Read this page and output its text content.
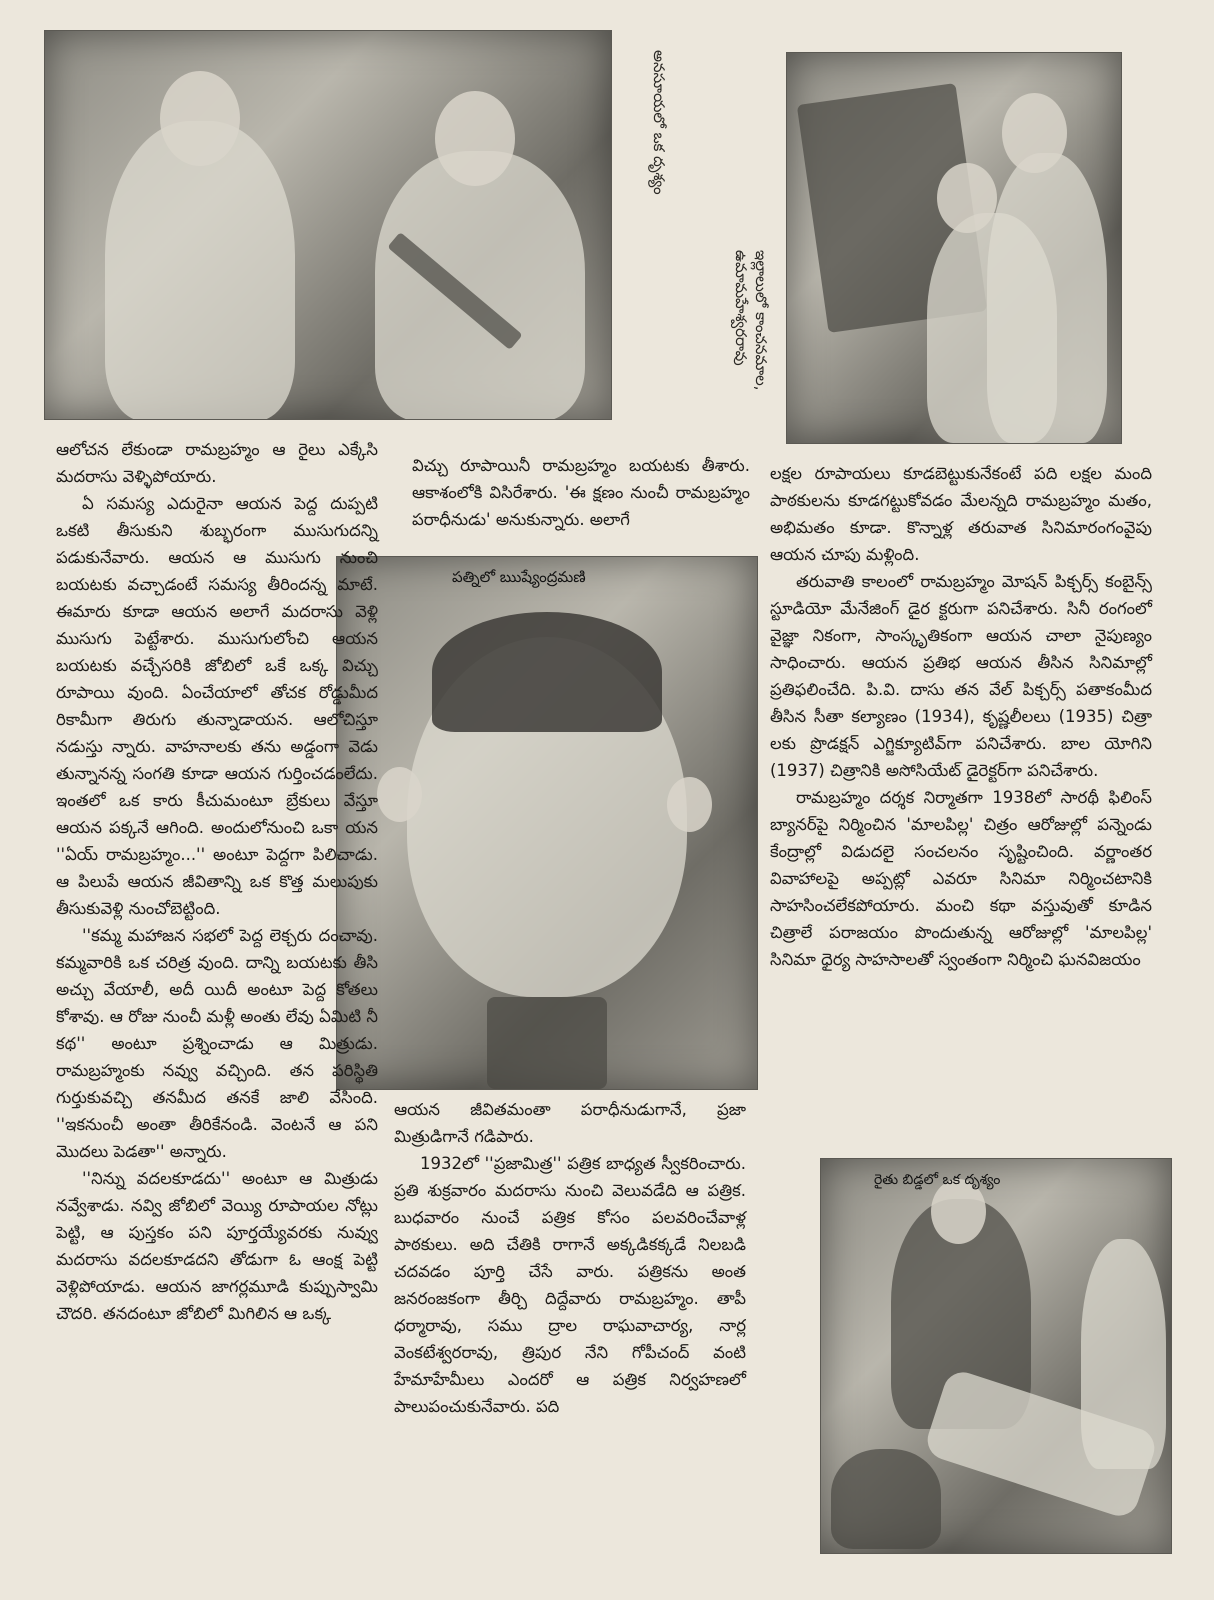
అనసూయలో ఒక దృశ్యం
ఇల్లాలులో కాంచనమాల,
ఉమామహేశ్వరరావు
పత్నిలో ఋష్యేంద్రమణి
రైతు బిడ్డలో ఒక దృశ్యం

ఆలోచన లేకుండా రామబ్రహ్మం ఆ రైలు ఎక్కేసి మదరాసు వెళ్ళిపోయారు.

ఏ సమస్య ఎదురైనా ఆయన పెద్ద దుప్పటి ఒకటి తీసుకుని శుబ్భరంగా ముసుగుదన్ని పడుకునేవారు. ఆయన ఆ ముసుగు నుంచి బయటకు వచ్చాడంటే సమస్య తీరిందన్న మాటే. ఈమారు కూడా ఆయన అలాగే మదరాసు వెళ్లి ముసుగు పెట్టేశారు. ముసుగులోంచి ఆయన బయటకు వచ్చేసరికి జోబిలో ఒకే ఒక్క విచ్చు రూపాయి వుంది. ఏంచేయాలో తోచక రోడ్డుమీద రికామీగా తిరుగు తున్నాడాయన. ఆలోచిస్తూ నడుస్తు న్నారు. వాహనాలకు తను అడ్డంగా వెడు తున్నానన్న సంగతి కూడా ఆయన గుర్తించడంలేదు. ఇంతలో ఒక కారు కీచుమంటూ బ్రేకులు వేస్తూ ఆయన పక్కనే ఆగింది. అందులోనుంచి ఒకా యన ''ఏయ్ రామబ్రహ్మం...'' అంటూ పెద్దగా పిలిచాడు. ఆ పిలుపే ఆయన జీవితాన్ని ఒక కొత్త మలుపుకు తీసుకువెళ్లి నుంచోబెట్టింది.

''కమ్మ మహాజన సభలో పెద్ద లెక్చరు దంచావు. కమ్మవారికి ఒక చరిత్ర వుంది. దాన్ని బయటకు తీసి అచ్చు వేయాలీ, అదీ యిదీ అంటూ పెద్ద కోతలు కోశావు. ఆ రోజు నుంచీ మళ్లీ అంతు లేవు ఏమిటి నీ కథ'' అంటూ ప్రశ్నించాడు ఆ మిత్రుడు. రామబ్రహ్మంకు నవ్వు వచ్చింది. తన పరిస్థితి గుర్తుకువచ్చి తనమీద తనకే జాలి వేసింది. ''ఇకనుంచీ అంతా తీరికేనండి. వెంటనే ఆ పని మొదలు పెడతా'' అన్నారు.

''నిన్ను వదలకూడదు'' అంటూ ఆ మిత్రుడు నవ్వేశాడు. నవ్వి జోబిలో వెయ్యి రూపాయల నోట్లు పెట్టి, ఆ పుస్తకం పని పూర్తయ్యేవరకు నువ్వు మదరాసు వదలకూడదని తోడుగా ఓ ఆంక్ష పెట్టి వెళ్లిపోయాడు. ఆయన జాగర్లమూడి కుప్పుస్వామి చౌదరి. తనదంటూ జోబిలో మిగిలిన ఆ ఒక్క

విచ్చు రూపాయినీ రామబ్రహ్మం బయటకు తీశారు. ఆకాశంలోకి విసిరేశారు. 'ఈ క్షణం నుంచీ రామబ్రహ్మం పరాధీనుడు' అనుకున్నారు. అలాగే

ఆయన జీవితమంతా పరాధీనుడుగానే, ప్రజా మిత్రుడిగానే గడిపారు.

1932లో ''ప్రజామిత్ర'' పత్రిక బాధ్యత స్వీకరించారు. ప్రతి శుక్రవారం మదరాసు నుంచి వెలువడేది ఆ పత్రిక. బుధవారం నుంచే పత్రిక కోసం పలవరించేవాళ్ల పాఠకులు. అది చేతికి రాగానే అక్కడికక్కడే నిలబడి చదవడం పూర్తి చేసే వారు. పత్రికను అంత జనరంజకంగా తీర్చి దిద్దేవారు రామబ్రహ్మం. తాపీ ధర్మారావు, సము ద్రాల రాఘవాచార్య, నార్ల వెంకటేశ్వరరావు, త్రిపుర నేని గోపీచంద్ వంటి హేమాహేమీలు ఎందరో ఆ పత్రిక నిర్వహణలో పాలుపంచుకునేవారు. పది

లక్షల రూపాయలు కూడబెట్టుకునేకంటే పది లక్షల మంది పాఠకులను కూడగట్టుకోవడం మేలన్నది రామబ్రహ్మం మతం, అభిమతం కూడా. కొన్నాళ్ల తరువాత సినిమారంగంవైపు ఆయన చూపు మళ్లింది.

తరువాతి కాలంలో రామబ్రహ్మం మోషన్ పిక్చర్స్ కంబైన్స్ స్టూడియో మేనేజింగ్ డైర క్టరుగా పనిచేశారు. సినీ రంగంలో వైజ్ఞా నికంగా, సాంస్కృతికంగా ఆయన చాలా నైపుణ్యం సాధించారు. ఆయన ప్రతిభ ఆయన తీసిన సినిమాల్లో ప్రతిఫలించేది. పి.వి. దాసు తన వేల్ పిక్చర్స్ పతాకంమీద తీసిన సీతా కల్యాణం (1934), కృష్ణలీలలు (1935) చిత్రా లకు ప్రొడక్షన్ ఎగ్జిక్యూటివ్‌గా పనిచేశారు. బాల యోగిని (1937) చిత్రానికి అసోసియేట్ డైరెక్టర్‌గా పనిచేశారు.

రామబ్రహ్మం దర్శక నిర్మాతగా 1938లో సారథీ ఫిలింస్ బ్యానర్‌పై నిర్మించిన 'మాలపిల్ల' చిత్రం ఆరోజుల్లో పన్నెండు కేంద్రాల్లో విడుదలై సంచలనం సృష్టించింది. వర్ణాంతర వివాహాలపై అప్పట్లో ఎవరూ సినిమా నిర్మించటానికి సాహసించలేకపోయారు. మంచి కథా వస్తువుతో కూడిన చిత్రాలే పరాజయం పొందుతున్న ఆరోజుల్లో 'మాలపిల్ల' సినిమా ధైర్య సాహసాలతో స్వంతంగా నిర్మించి ఘనవిజయం
